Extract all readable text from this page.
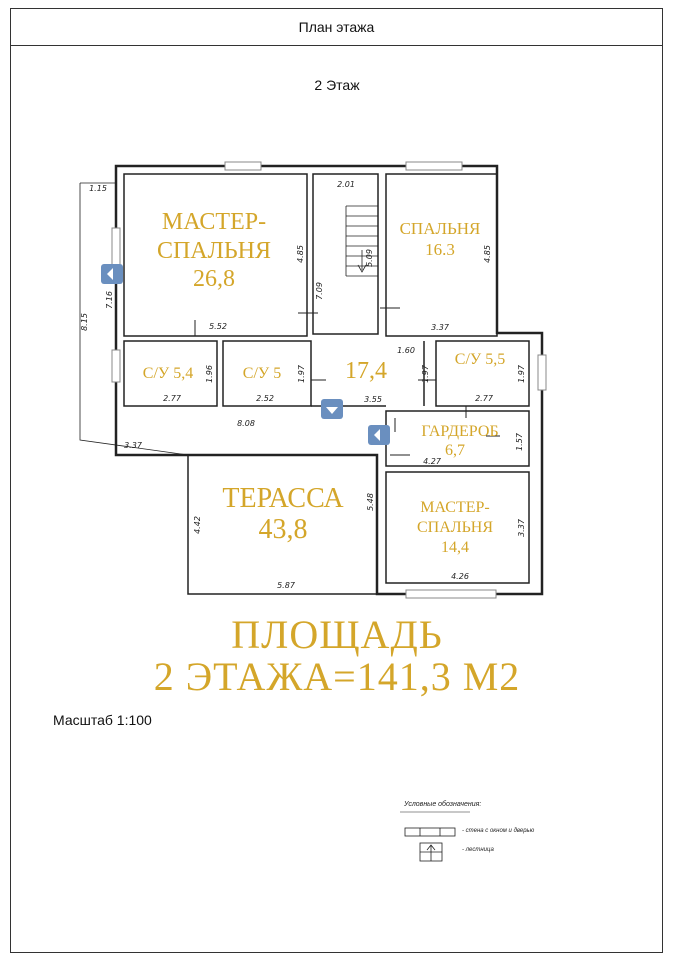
План этажа
2 Этаж
МАСТЕР-
СПАЛЬНЯ
26,8
СПАЛЬНЯ
16.3
С/У 5,4	С/У 5	17,4	С/У 5,5
ГАРДЕРОБ
6,7
ТЕРАССА
43,8
МАСТЕР-
СПАЛЬНЯ
14,4
1.15
8.15
7.16
4.85
5.52
2.01
5.09
7.09
4.85
3.37
1.96
2.77
1.97
2.52
1.60
1.97
3.55
1.97
2.77
8.08
1.57
4.27
3.37
5.48
4.42
5.87
3.37
4.26
ПЛОЩАДЬ
2 ЭТАЖА=141,3 М2
Масштаб 1:100
Условные обозначения:
- стена с окном и дверью
- лестница
